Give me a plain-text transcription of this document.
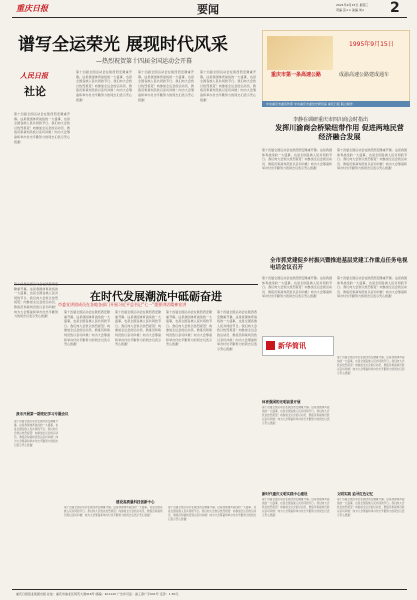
重庆日报	要闻	2021年9月15日 星期三
责编 张×× 美编 刘× 2
谱写全运荣光 展现时代风采
—热烈祝贺第十四届全国运动会开幕
人民日报
社论
第十四届全国运动会在陕西西安隆重开幕。这是我国体育战线的一大盛事，也是全国各族人民共同的节日。我们向大会致以热烈祝贺！向参加全运会的运动员、教练员和裁判员致以亲切问候！向为大会筹备和举办付出辛勤努力的同志们表示衷心感谢！
第十四届全国运动会在陕西西安隆重开幕。这是我国体育战线的一大盛事，也是全国各族人民共同的节日。我们向大会致以热烈祝贺！向参加全运会的运动员、教练员和裁判员致以亲切问候！向为大会筹备和举办付出辛勤努力的同志们表示衷心感谢！
第十四届全国运动会在陕西西安隆重开幕。这是我国体育战线的一大盛事，也是全国各族人民共同的节日。我们向大会致以热烈祝贺！向参加全运会的运动员、教练员和裁判员致以亲切问候！向为大会筹备和举办付出辛勤努力的同志们表示衷心感谢！
第十四届全国运动会在陕西西安隆重开幕。这是我国体育战线的一大盛事，也是全国各族人民共同的节日。我们向大会致以热烈祝贺！向参加全运会的运动员、教练员和裁判员致以亲切问候！向为大会筹备和举办付出辛勤努力的同志们表示衷心感谢！
1995年9月15日
重庆市第一条高速公路	成渝高速公路建成通车
中央重庆市委宣传部 中共重庆市委党史研究室 重庆日报 联合制作
李静在调研重庆市四川商会时指出
发挥川渝商会桥梁纽带作用 促进两地民营经济融合发展
第十四届全国运动会在陕西西安隆重开幕。这是我国体育战线的一大盛事，也是全国各族人民共同的节日。我们向大会致以热烈祝贺！向参加全运会的运动员、教练员和裁判员致以亲切问候！向为大会筹备和举办付出辛勤努力的同志们表示衷心感谢！
第十四届全国运动会在陕西西安隆重开幕。这是我国体育战线的一大盛事，也是全国各族人民共同的节日。我们向大会致以热烈祝贺！向参加全运会的运动员、教练员和裁判员致以亲切问候！向为大会筹备和举办付出辛勤努力的同志们表示衷心感谢！
全市抓党建促乡村振兴暨推进基层党建工作重点任务电视电话会议召开
第十四届全国运动会在陕西西安隆重开幕。这是我国体育战线的一大盛事，也是全国各族人民共同的节日。我们向大会致以热烈祝贺！向参加全运会的运动员、教练员和裁判员致以亲切问候！向为大会筹备和举办付出辛勤努力的同志们表示衷心感谢！
第十四届全国运动会在陕西西安隆重开幕。这是我国体育战线的一大盛事，也是全国各族人民共同的节日。我们向大会致以热烈祝贺！向参加全运会的运动员、教练员和裁判员致以亲切问候！向为大会筹备和举办付出辛勤努力的同志们表示衷心感谢！
新华简讯
在时代发展潮流中砥砺奋进
市委宣讲团成员在各地各部门开展习近平总书记“七一”重要讲话精神宣讲
第十四届全国运动会在陕西西安隆重开幕。这是我国体育战线的一大盛事，也是全国各族人民共同的节日。我们向大会致以热烈祝贺！向参加全运会的运动员、教练员和裁判员致以亲切问候！向为大会筹备和举办付出辛勤努力的同志们表示衷心感谢！
第十四届全国运动会在陕西西安隆重开幕。这是我国体育战线的一大盛事，也是全国各族人民共同的节日。我们向大会致以热烈祝贺！向参加全运会的运动员、教练员和裁判员致以亲切问候！向为大会筹备和举办付出辛勤努力的同志们表示衷心感谢！
第十四届全国运动会在陕西西安隆重开幕。这是我国体育战线的一大盛事，也是全国各族人民共同的节日。我们向大会致以热烈祝贺！向参加全运会的运动员、教练员和裁判员致以亲切问候！向为大会筹备和举办付出辛勤努力的同志们表示衷心感谢！
第十四届全国运动会在陕西西安隆重开幕。这是我国体育战线的一大盛事，也是全国各族人民共同的节日。我们向大会致以热烈祝贺！向参加全运会的运动员、教练员和裁判员致以亲切问候！向为大会筹备和举办付出辛勤努力的同志们表示衷心感谢！
第十四届全国运动会在陕西西安隆重开幕。这是我国体育战线的一大盛事，也是全国各族人民共同的节日。我们向大会致以热烈祝贺！向参加全运会的运动员、教练员和裁判员致以亲切问候！向为大会筹备和举办付出辛勤努力的同志们表示衷心感谢！
我市开展第一期党纪学习专题会议
第十四届全国运动会在陕西西安隆重开幕。这是我国体育战线的一大盛事，也是全国各族人民共同的节日。我们向大会致以热烈祝贺！向参加全运会的运动员、教练员和裁判员致以亲切问候！向为大会筹备和举办付出辛勤努力的同志们表示衷心感谢！
建设高质量科技创新中心
第十四届全国运动会在陕西西安隆重开幕。这是我国体育战线的一大盛事，也是全国各族人民共同的节日。我们向大会致以热烈祝贺！向参加全运会的运动员、教练员和裁判员致以亲切问候！向为大会筹备和举办付出辛勤努力的同志们表示衷心感谢！
第十四届全国运动会在陕西西安隆重开幕。这是我国体育战线的一大盛事，也是全国各族人民共同的节日。我们向大会致以热烈祝贺！向参加全运会的运动员、教练员和裁判员致以亲切问候！向为大会筹备和举办付出辛勤努力的同志们表示衷心感谢！
体育强国的光明前景开展
第十四届全国运动会在陕西西安隆重开幕。这是我国体育战线的一大盛事，也是全国各族人民共同的节日。我们向大会致以热烈祝贺！向参加全运会的运动员、教练员和裁判员致以亲切问候！向为大会筹备和举办付出辛勤努力的同志们表示衷心感谢！
第十四届全国运动会在陕西西安隆重开幕。这是我国体育战线的一大盛事，也是全国各族人民共同的节日。我们向大会致以热烈祝贺！向参加全运会的运动员、教练员和裁判员致以亲切问候！向为大会筹备和举办付出辛勤努力的同志们表示衷心感谢！
新时代重庆文明实践中心建设
第十四届全国运动会在陕西西安隆重开幕。这是我国体育战线的一大盛事，也是全国各族人民共同的节日。我们向大会致以热烈祝贺！向参加全运会的运动员、教练员和裁判员致以亲切问候！向为大会筹备和举办付出辛勤努力的同志们表示衷心感谢！
文明实践 追寻红色记忆
第十四届全国运动会在陕西西安隆重开幕。这是我国体育战线的一大盛事，也是全国各族人民共同的节日。我们向大会致以热烈祝贺！向参加全运会的运动员、教练员和裁判员致以亲切问候！向为大会筹备和举办付出辛勤努力的同志们表示衷心感谢！
重庆日报报业集团出版 社址：重庆市渝北区同茂大道416号 邮编：401120 广告许可证：渝工商广字001号 定价：1.50元
